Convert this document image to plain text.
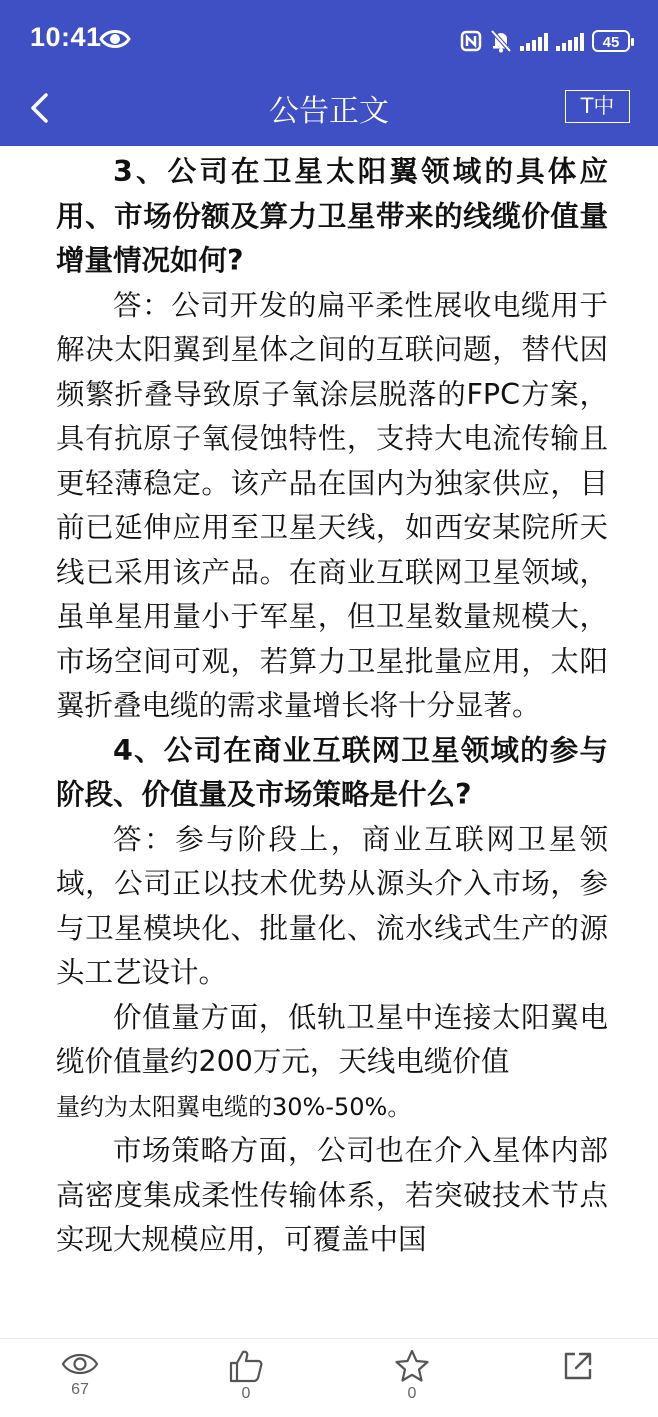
10:41	45
公告正文	T中

3、公司在卫星太阳翼领域的具体应用、市场份额及算力卫星带来的线缆价值量增量情况如何?

答：公司开发的扁平柔性展收电缆用于解决太阳翼到星体之间的互联问题，替代因频繁折叠导致原子氧涂层脱落的FPC方案，具有抗原子氧侵蚀特性，支持大电流传输且更轻薄稳定。该产品在国内为独家供应，目前已延伸应用至卫星天线，如西安某院所天线已采用该产品。在商业互联网卫星领域，虽单星用量小于军星，但卫星数量规模大，市场空间可观，若算力卫星批量应用，太阳翼折叠电缆的需求量增长将十分显著。

4、公司在商业互联网卫星领域的参与阶段、价值量及市场策略是什么?

答：参与阶段上，商业互联网卫星领域，公司正以技术优势从源头介入市场，参与卫星模块化、批量化、流水线式生产的源头工艺设计。

价值量方面，低轨卫星中连接太阳翼电缆价值量约200万元，天线电缆价值

量约为太阳翼电缆的30%-50%。

市场策略方面，公司也在介入星体内部高密度集成柔性传输体系，若突破技术节点实现大规模应用，可覆盖中国

67	0	0
